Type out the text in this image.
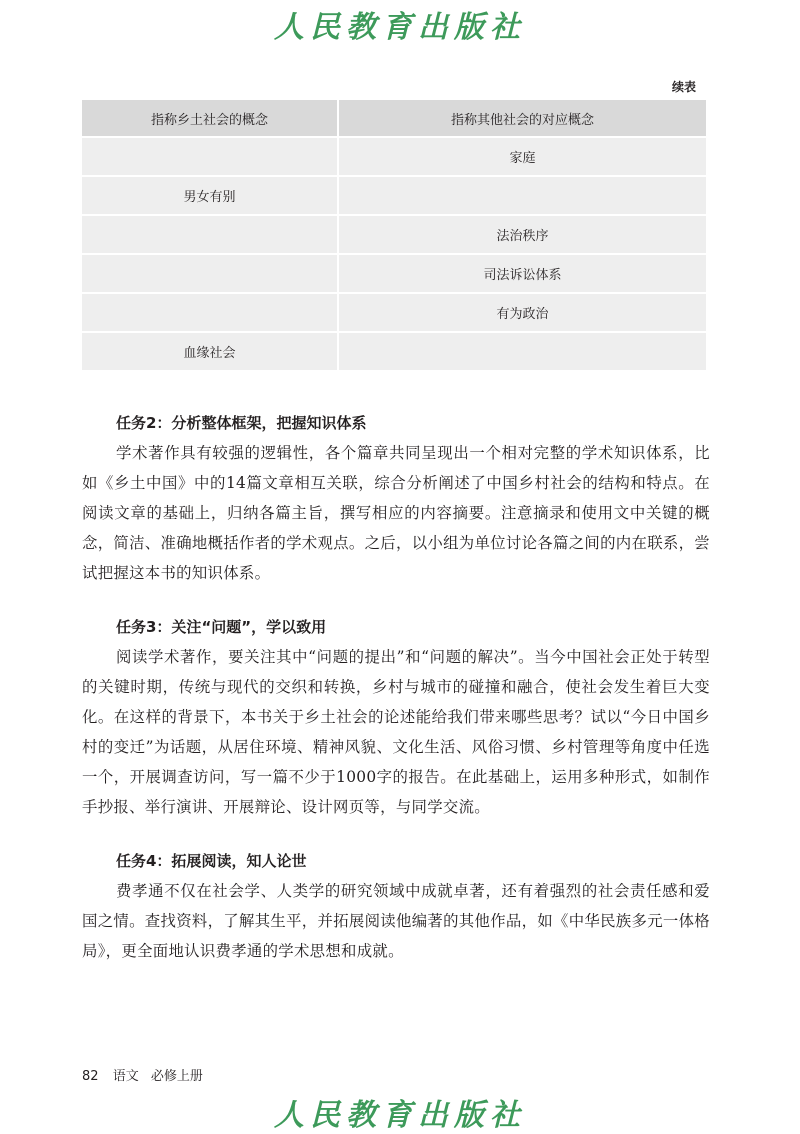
人民教育出版社
续表
指称乡土社会的概念	指称其他社会的对应概念
	家庭
男女有别	
	法治秩序
	司法诉讼体系
	有为政治
血缘社会	

任务2：分析整体框架，把握知识体系

学术著作具有较强的逻辑性，各个篇章共同呈现出一个相对完整的学术知识体系，比如《乡土中国》中的14篇文章相互关联，综合分析阐述了中国乡村社会的结构和特点。在阅读文章的基础上，归纳各篇主旨，撰写相应的内容摘要。注意摘录和使用文中关键的概念，简洁、准确地概括作者的学术观点。之后，以小组为单位讨论各篇之间的内在联系，尝试把握这本书的知识体系。

任务3：关注“问题”，学以致用

阅读学术著作，要关注其中“问题的提出”和“问题的解决”。当今中国社会正处于转型的关键时期，传统与现代的交织和转换，乡村与城市的碰撞和融合，使社会发生着巨大变化。在这样的背景下，本书关于乡土社会的论述能给我们带来哪些思考？试以“今日中国乡村的变迁”为话题，从居住环境、精神风貌、文化生活、风俗习惯、乡村管理等角度中任选一个，开展调查访问，写一篇不少于1000字的报告。在此基础上，运用多种形式，如制作手抄报、举行演讲、开展辩论、设计网页等，与同学交流。

任务4：拓展阅读，知人论世

费孝通不仅在社会学、人类学的研究领域中成就卓著，还有着强烈的社会责任感和爱国之情。查找资料，了解其生平，并拓展阅读他编著的其他作品，如《中华民族多元一体格局》，更全面地认识费孝通的学术思想和成就。

82 语文 必修上册
人民教育出版社
